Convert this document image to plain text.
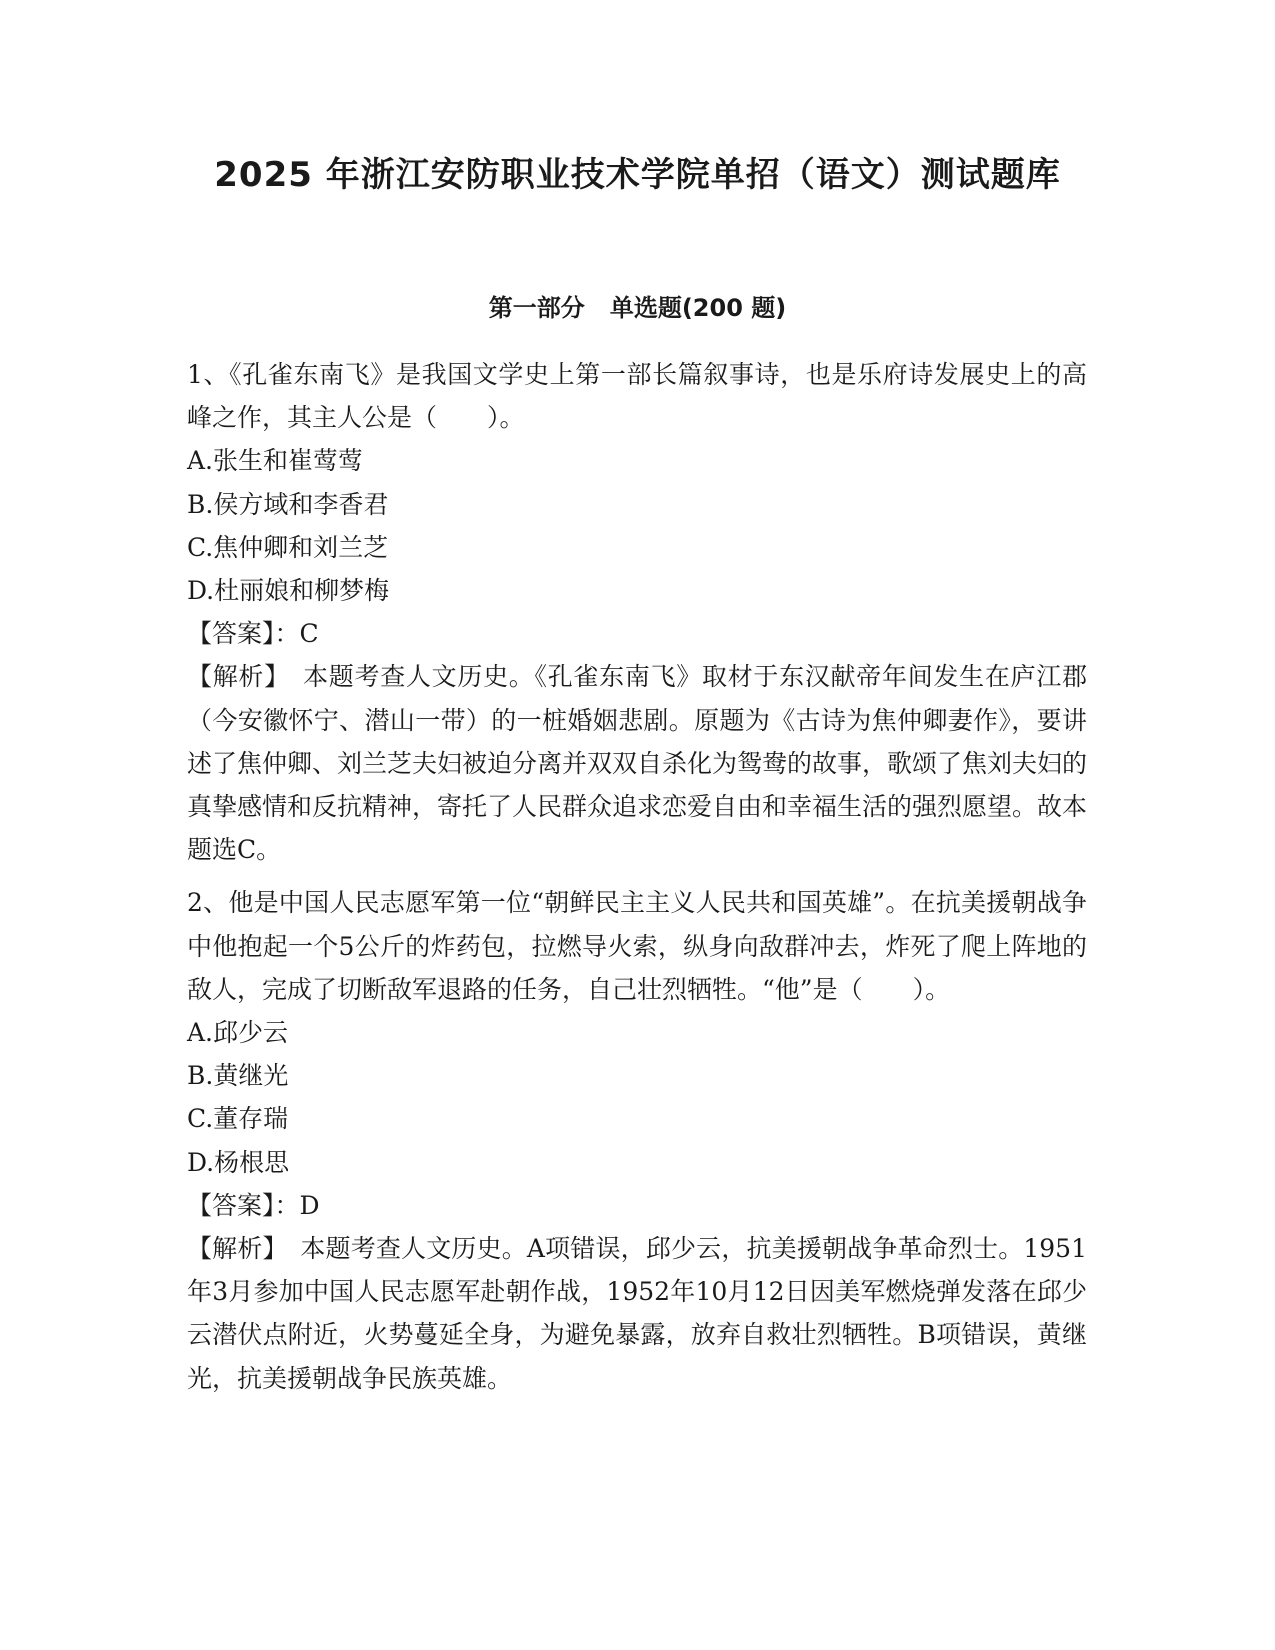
2025 年浙江安防职业技术学院单招（语文）测试题库
第一部分   单选题(200 题)

1、《孔雀东南飞》是我国文学史上第一部长篇叙事诗，也是乐府诗发展史上的高峰之作，其主人公是（　　）。

A.张生和崔莺莺

B.侯方域和李香君

C.焦仲卿和刘兰芝

D.杜丽娘和柳梦梅

【答案】：C

【解析】　本题考查人文历史。《孔雀东南飞》取材于东汉献帝年间发生在庐江郡（今安徽怀宁、潜山一带）的一桩婚姻悲剧。原题为《古诗为焦仲卿妻作》，要讲述了焦仲卿、刘兰芝夫妇被迫分离并双双自杀化为鸳鸯的故事，歌颂了焦刘夫妇的真挚感情和反抗精神，寄托了人民群众追求恋爱自由和幸福生活的强烈愿望。故本题选C。

2、他是中国人民志愿军第一位“朝鲜民主主义人民共和国英雄”。在抗美援朝战争中他抱起一个5公斤的炸药包，拉燃导火索，纵身向敌群冲去，炸死了爬上阵地的敌人，完成了切断敌军退路的任务，自己壮烈牺牲。“他”是（　　）。

A.邱少云

B.黄继光

C.董存瑞

D.杨根思

【答案】：D

【解析】　本题考查人文历史。A项错误，邱少云，抗美援朝战争革命烈士。1951年3月参加中国人民志愿军赴朝作战，1952年10月12日因美军燃烧弹发落在邱少云潜伏点附近，火势蔓延全身，为避免暴露，放弃自救壮烈牺牲。B项错误，黄继光，抗美援朝战争民族英雄。
